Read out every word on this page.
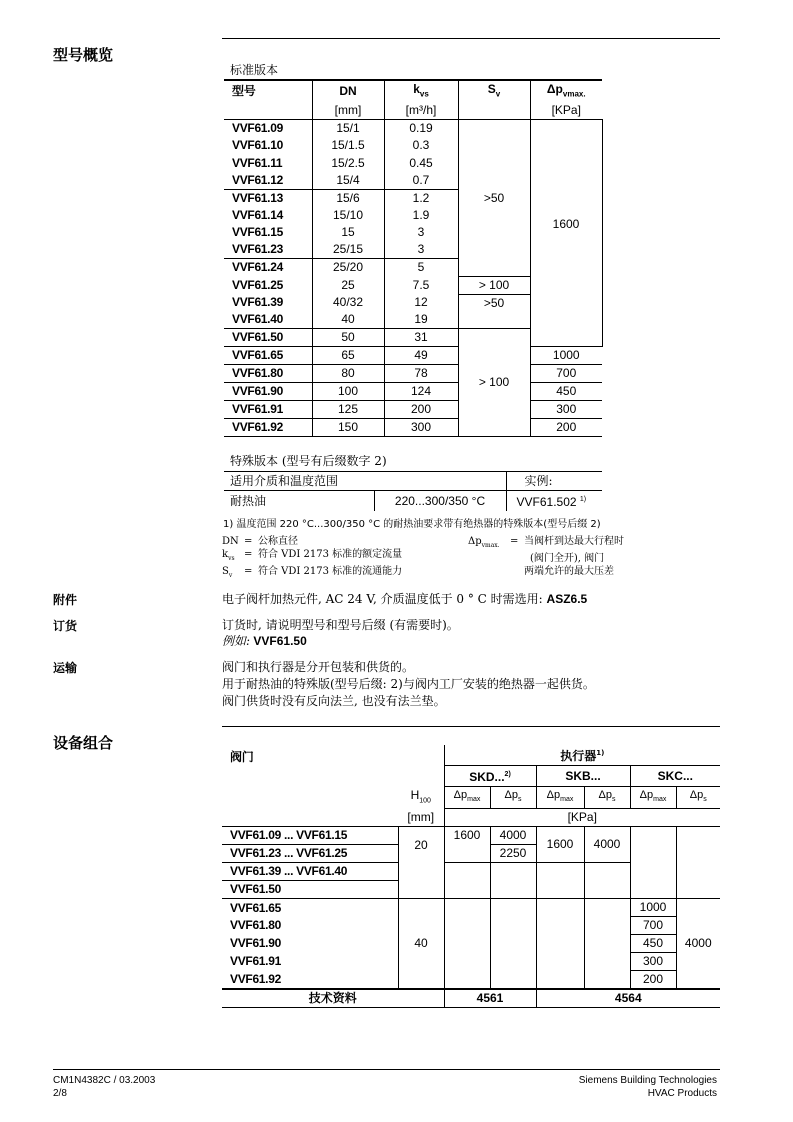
型号概览
标准版本
型号	DN	$k_{vs}$	$S_v$	$\Delta p_{vmax.}$
	[mm]	[m³/h]		[KPa]
VVF61.09	15/1	0.19	>50	1600
VVF61.10	15/1.5	0.3		
VVF61.11	15/2.5	0.45		
VVF61.12	15/4	0.7		
VVF61.13	15/6	1.2		
VVF61.14	15/10	1.9		
VVF61.15	15	3		
VVF61.23	25/15	3		
VVF61.24	25/20	5		
VVF61.25	25	7.5	> 100	
VVF61.39	40/32	12	>50	
VVF61.40	40	19		
VVF61.50	50	31	> 100	
VVF61.65	65	49		1000
VVF61.80	80	78		700
VVF61.90	100	124		450
VVF61.91	125	200		300
VVF61.92	150	300		200
特殊版本 (型号有后缀数字 2)
适用介质和温度范围		实例:
耐热油	220...300/350 °C	VVF61.502 $^{1)}$
1) 温度范围 220 °C...300/350 °C 的耐热油要求带有绝热器的特殊版本(型号后缀 2)
DN = 公称直径
$k_{vs}$ = 符合 VDI 2173 标准的额定流量
$S_v$ = 符合 VDI 2173 标准的流通能力
$\Delta p_{vmax.}$ = 当阀杆到达最大行程时
(阀门全开), 阀门
两端允许的最大压差
附件	电子阀杆加热元件, AC 24 V, 介质温度低于 0 ° C 时需选用: ASZ6.5
订货	订货时, 请说明型号和型号后缀 (有需要时)。
例如: VVF61.50
运输	阀门和执行器是分开包装和供货的。
用于耐热油的特殊版(型号后缀: 2)与阀内工厂安装的绝热器一起供货。
阀门供货时没有反向法兰, 也没有法兰垫。
设备组合
阀门		执行器$^{1)}$
		SKD...$^{2)}$		SKB...		SKC...	
	$H_{100}$	$\Delta p_{max}$	$\Delta p_s$	$\Delta p_{max}$	$\Delta p_s$	$\Delta p_{max}$	$\Delta p_s$
	[mm]	[KPa]					
VVF61.09 ... VVF61.15	20	1600	4000	1600	4000		
VVF61.23 ... VVF61.25			2250				
VVF61.39 ... VVF61.40							
VVF61.50							
VVF61.65	40					1000	4000
VVF61.80						700	
VVF61.90						450	
VVF61.91						300	
VVF61.92						200	
技术资料		4561		4564			
CM1N4382C / 03.2003
2/8
Siemens Building Technologies
HVAC Products
